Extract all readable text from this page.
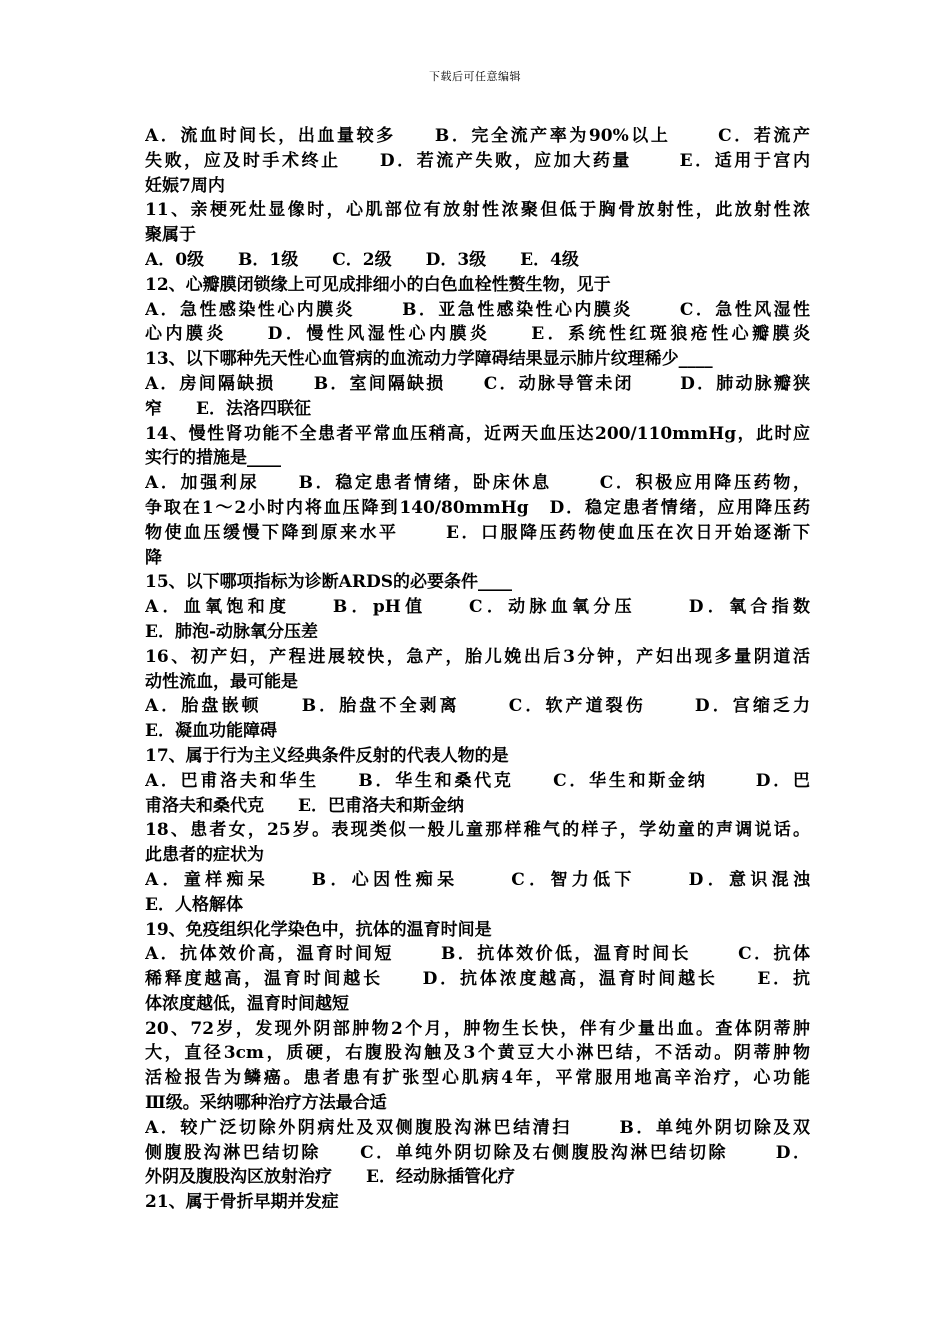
下载后可任意编辑
A．流血时间长，出血量较多　　B．完全流产率为90%以上　　 C．若流产
失败，应及时手术终止　　D．若流产失败，应加大药量　　 E．适用于宫内
妊娠7周内
11、亲梗死灶显像时，心肌部位有放射性浓聚但低于胸骨放射性，此放射性浓
聚属于
A．0级　　B．1级　　C．2级　　D．3级　　E．4级
12、心瓣膜闭锁缘上可见成排细小的白色血栓性赘生物，见于
A．急性感染性心内膜炎　　 B．亚急性感染性心内膜炎　　 C．急性风湿性
心内膜炎　　D．慢性风湿性心内膜炎　　E．系统性红斑狼疮性心瓣膜炎
13、以下哪种先天性心血管病的血流动力学障碍结果显示肺片纹理稀少____
A．房间隔缺损　　B．室间隔缺损　　C．动脉导管未闭　　 D．肺动脉瓣狭
窄　　E．法洛四联征
14、慢性肾功能不全患者平常血压稍高，近两天血压达200/110mmHg，此时应
实行的措施是____
A．加强利尿　　B．稳定患者情绪，卧床休息　　 C．积极应用降压药物，
争取在1～2小时内将血压降到140/80mmHg　D．稳定患者情绪，应用降压药
物使血压缓慢下降到原来水平　　 E．口服降压药物使血压在次日开始逐渐下
降
15、以下哪项指标为诊断ARDS的必要条件____
A．血氧饱和度　　B．pH值　　C．动脉血氧分压　　 D．氧合指数
E．肺泡-动脉氧分压差
16、初产妇，产程进展较快，急产，胎儿娩出后3分钟，产妇出现多量阴道活
动性流血，最可能是
A．胎盘嵌顿　　B．胎盘不全剥离　　 C．软产道裂伤　　 D．宫缩乏力
E．凝血功能障碍
17、属于行为主义经典条件反射的代表人物的是
A．巴甫洛夫和华生　　B．华生和桑代克　　C．华生和斯金纳　　 D．巴
甫洛夫和桑代克　　E．巴甫洛夫和斯金纳
18、患者女，25岁。表现类似一般儿童那样稚气的样子，学幼童的声调说话。
此患者的症状为
A．童样痴呆　　B．心因性痴呆　　 C．智力低下　　 D．意识混浊
E．人格解体
19、免疫组织化学染色中，抗体的温育时间是
A．抗体效价高，温育时间短　　 B．抗体效价低，温育时间长　　 C．抗体
稀释度越高，温育时间越长　　D．抗体浓度越高，温育时间越长　　E．抗
体浓度越低，温育时间越短
20、72岁，发现外阴部肿物2个月，肿物生长快，伴有少量出血。查体阴蒂肿
大，直径3cm，质硬，右腹股沟触及3个黄豆大小淋巴结，不活动。阴蒂肿物
活检报告为鳞癌。患者患有扩张型心肌病4年，平常服用地高辛治疗，心功能
Ⅲ级。采纳哪种治疗方法最合适
A．较广泛切除外阴病灶及双侧腹股沟淋巴结清扫　　 B．单纯外阴切除及双
侧腹股沟淋巴结切除　　C．单纯外阴切除及右侧腹股沟淋巴结切除　　 D．
外阴及腹股沟区放射治疗　　E．经动脉插管化疗
21、属于骨折早期并发症
